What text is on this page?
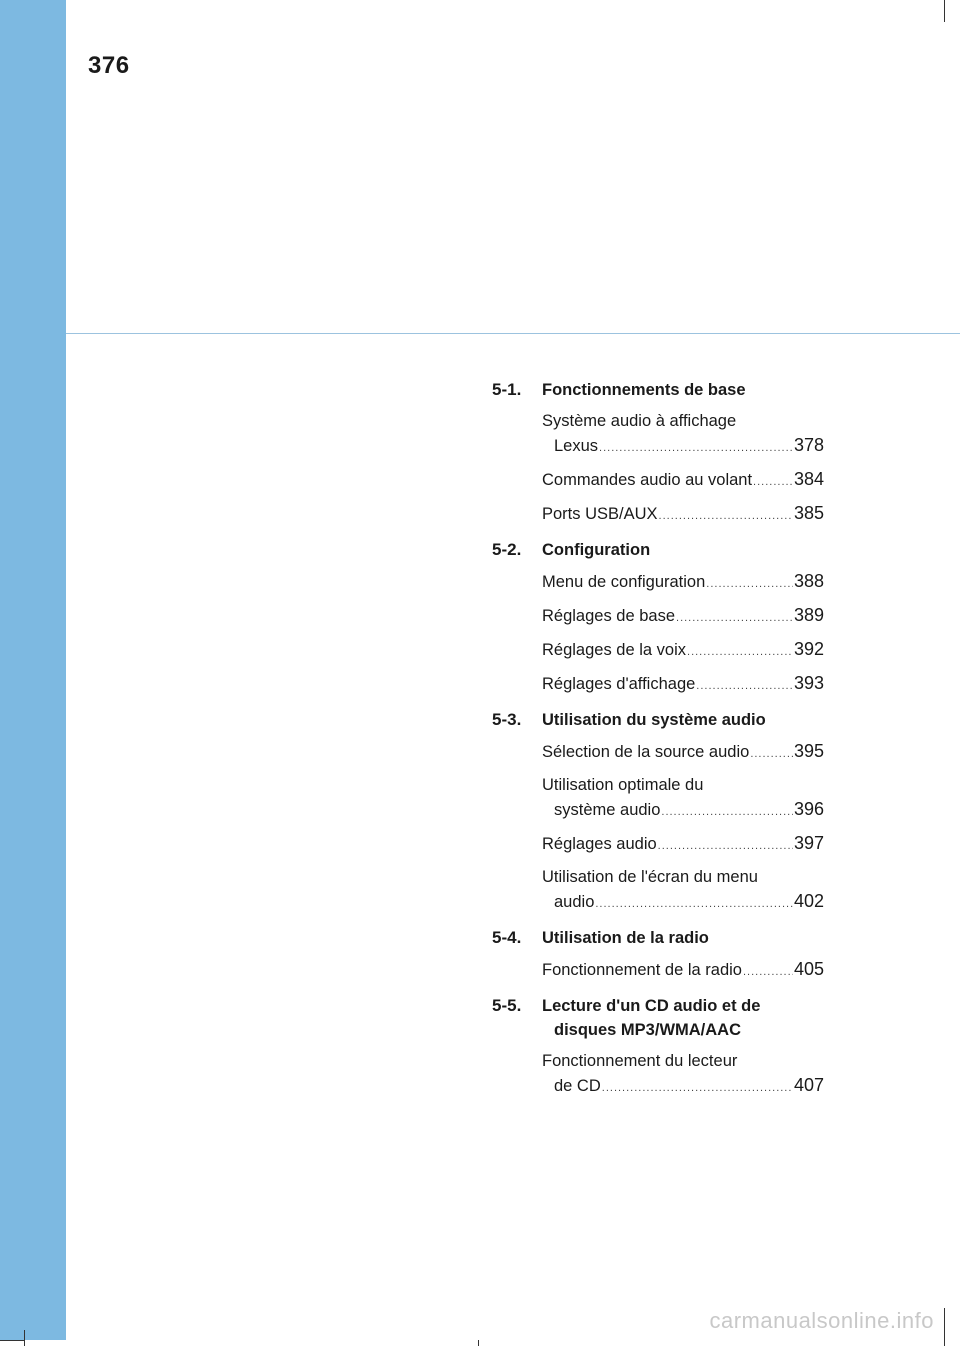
376
5-1.	Fonctionnements de base
Système audio à affichage
Lexus .....	378
Commandes audio au volant ..... 384
Ports USB/AUX .....	385
5-2.	Configuration
Menu de configuration .....	388
Réglages de base .....	389
Réglages de la voix .....	392
Réglages d'affichage .....	393
5-3.	Utilisation du système audio
Sélection de la source audio ..... 395
Utilisation optimale du
système audio .....	396
Réglages audio .....	397
Utilisation de l'écran du menu
audio .....	402
5-4.	Utilisation de la radio
Fonctionnement de la radio .....	405
5-5.	Lecture d'un CD audio et de
disques MP3/WMA/AAC
Fonctionnement du lecteur
de CD .....	407
carmanualsonline.info
